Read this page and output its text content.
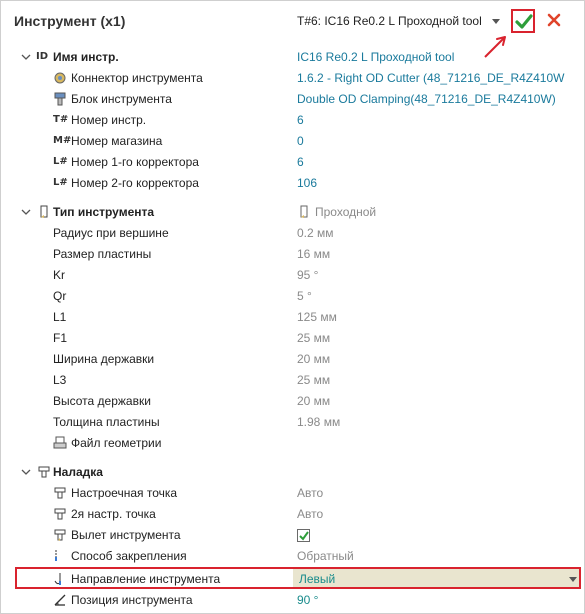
Инструмент (x1)	T#6: IC16 Re0.2 L Проходной tool
ID Имя инстр.	IC16 Re0.2 L Проходной tool
Коннектор инструмента	1.6.2 - Right OD Cutter (48_71216_DE_R4Z410W
Блок инструмента	Double OD Clamping(48_71216_DE_R4Z410W)
T# Номер инстр.	6
M# Номер магазина	0
L# Номер 1-го корректора	6
L# Номер 2-го корректора	106
Тип инструмента	Проходной
Радиус при вершине	0.2 мм
Размер пластины	16 мм
Kr	95 °
Qr	5 °
L1	125 мм
F1	25 мм
Ширина державки	20 мм
L3	25 мм
Высота державки	20 мм
Толщина пластины	1.98 мм
Файл геометрии
Наладка
Настроечная точка	Авто
2я настр. точка	Авто
Вылет инструмента
Способ закрепления	Обратный
Направление инструмента	Левый
Позиция инструмента	90 °
